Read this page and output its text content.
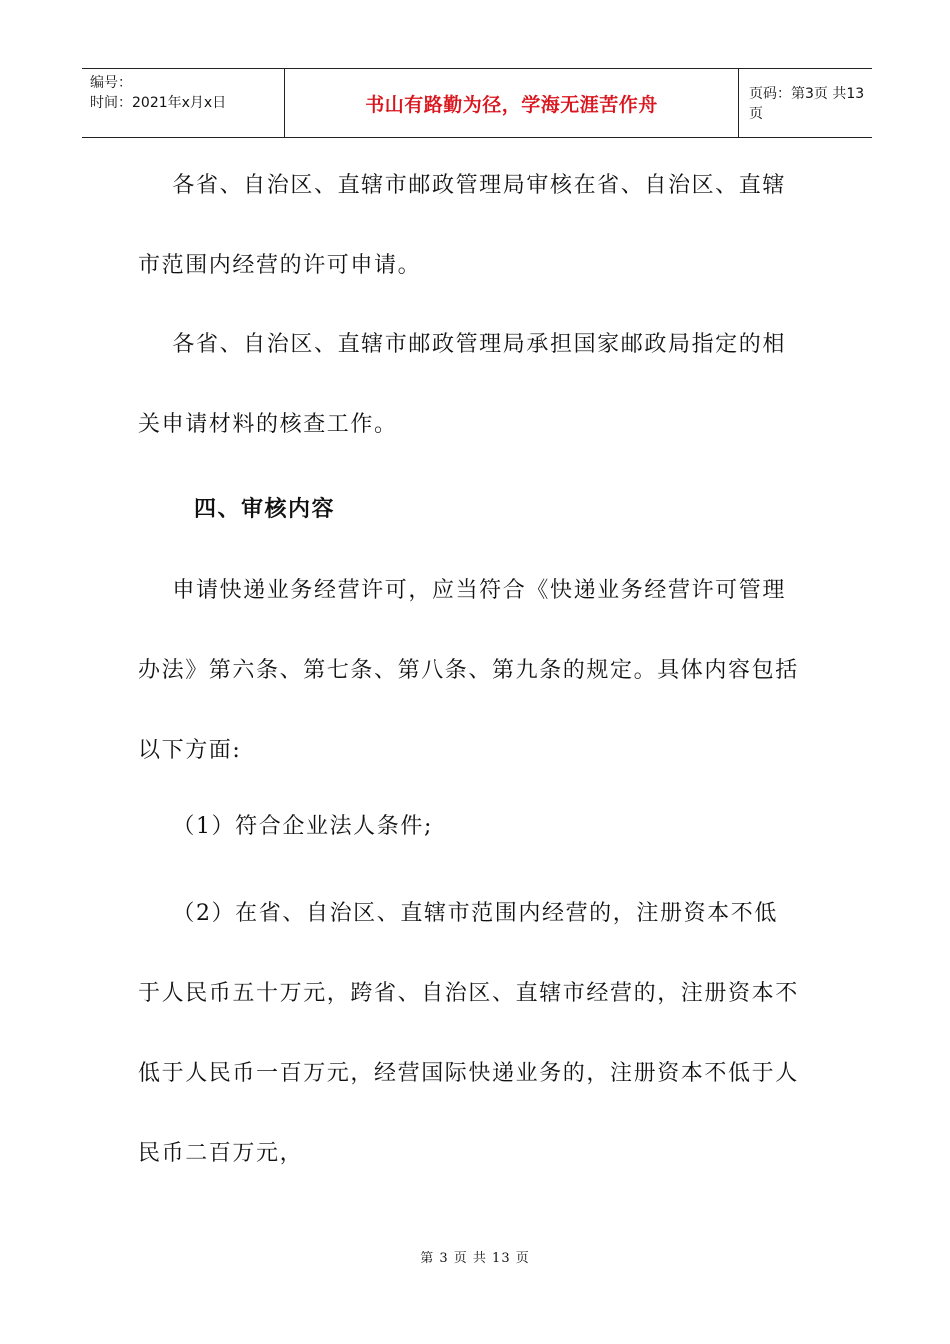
编号：
时间：2021年x月x日	书山有路勤为径，学海无涯苦作舟	页码：第3页 共13页
各省、自治区、直辖市邮政管理局审核在省、自治区、直辖
市范围内经营的许可申请。
各省、自治区、直辖市邮政管理局承担国家邮政局指定的相
关申请材料的核查工作。
四、审核内容
申请快递业务经营许可，应当符合《快递业务经营许可管理
办法》第六条、第七条、第八条、第九条的规定。具体内容包括
以下方面:
（1）符合企业法人条件;
（2）在省、自治区、直辖市范围内经营的，注册资本不低
于人民币五十万元，跨省、自治区、直辖市经营的，注册资本不
低于人民币一百万元，经营国际快递业务的，注册资本不低于人
民币二百万元，
第 3 页 共 13 页
